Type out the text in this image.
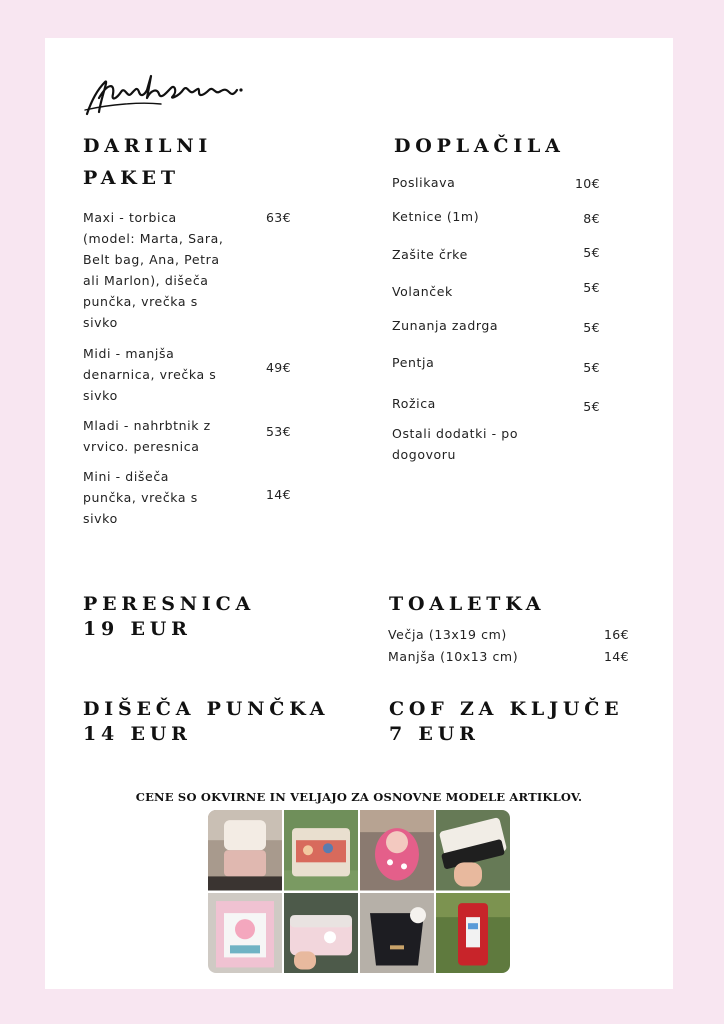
DARILNI PAKET
Maxi - torbica (model: Marta, Sara, Belt bag, Ana, Petra ali Marlon), dišeča punčka, vrečka s sivko
63€
Midi - manjša denarnica, vrečka s sivko
49€
Mladi - nahrbtnik z vrvico. peresnica
53€
Mini - dišeča punčka, vrečka s sivko
14€
DOPLAČILA
Poslikava	10€
Ketnice (1m)	8€
Zašite črke	5€
Volanček	5€
Zunanja zadrga	5€
Pentja	5€
Rožica	5€
Ostali dodatki - po dogovoru
PERESNICA
19 EUR
TOALETKA
Večja (13x19 cm)	16€
Manjša (10x13 cm)	14€
DIŠEČA PUNČKA
14 EUR
COF ZA KLJUČE
7 EUR
CENE SO OKVIRNE IN VELJAJO ZA OSNOVNE MODELE ARTIKLOV.
